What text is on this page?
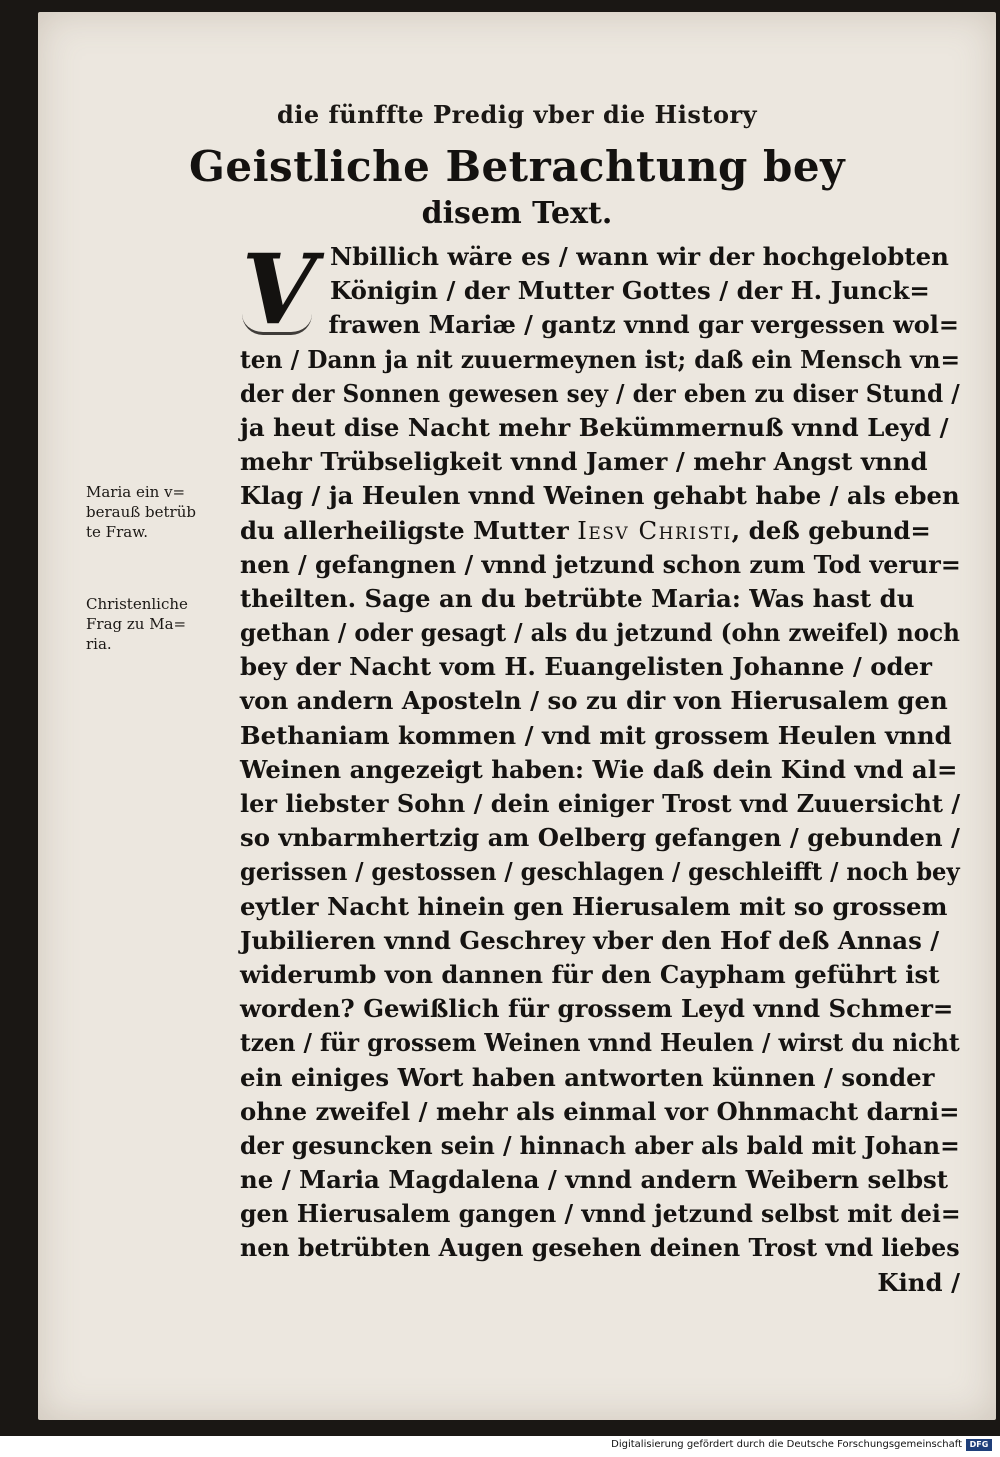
die fünffte Predig vber die History
Geistliche Betrachtung bey
disem Text.
Maria ein v=
berauß betrüb
te Fraw.
Christenliche
Frag zu Ma=
ria.
V Nbillich wäre es / wann wir der hochgelobten
Königin / der Mutter Gottes / der H. Junck=
frawen Mariæ / gantz vnnd gar vergessen wol=
ten / Dann ja nit zuuermeynen ist; daß ein Mensch vn=
der der Sonnen gewesen sey / der eben zu diser Stund /
ja heut dise Nacht mehr Bekümmernuß vnnd Leyd /
mehr Trübseligkeit vnnd Jamer / mehr Angst vnnd
Klag / ja Heulen vnnd Weinen gehabt habe / als eben
du allerheiligste Mutter Iesv Christi, deß gebund=
nen / gefangnen / vnnd jetzund schon zum Tod verur=
theilten. Sage an du betrübte Maria: Was hast du
gethan / oder gesagt / als du jetzund (ohn zweifel) noch
bey der Nacht vom H. Euangelisten Johanne / oder
von andern Aposteln / so zu dir von Hierusalem gen
Bethaniam kommen / vnd mit grossem Heulen vnnd
Weinen angezeigt haben: Wie daß dein Kind vnd al=
ler liebster Sohn / dein einiger Trost vnd Zuuersicht /
so vnbarmhertzig am Oelberg gefangen / gebunden /
gerissen / gestossen / geschlagen / geschleifft / noch bey
eytler Nacht hinein gen Hierusalem mit so grossem
Jubilieren vnnd Geschrey vber den Hof deß Annas /
widerumb von dannen für den Caypham geführt ist
worden? Gewißlich für grossem Leyd vnnd Schmer=
tzen / für grossem Weinen vnnd Heulen / wirst du nicht
ein einiges Wort haben antworten künnen / sonder
ohne zweifel / mehr als einmal vor Ohnmacht darni=
der gesuncken sein / hinnach aber als bald mit Johan=
ne / Maria Magdalena / vnnd andern Weibern selbst
gen Hierusalem gangen / vnnd jetzund selbst mit dei=
nen betrübten Augen gesehen deinen Trost vnd liebes
Kind /
Digitalisierung gefördert durch die Deutsche Forschungsgemeinschaft DFG
